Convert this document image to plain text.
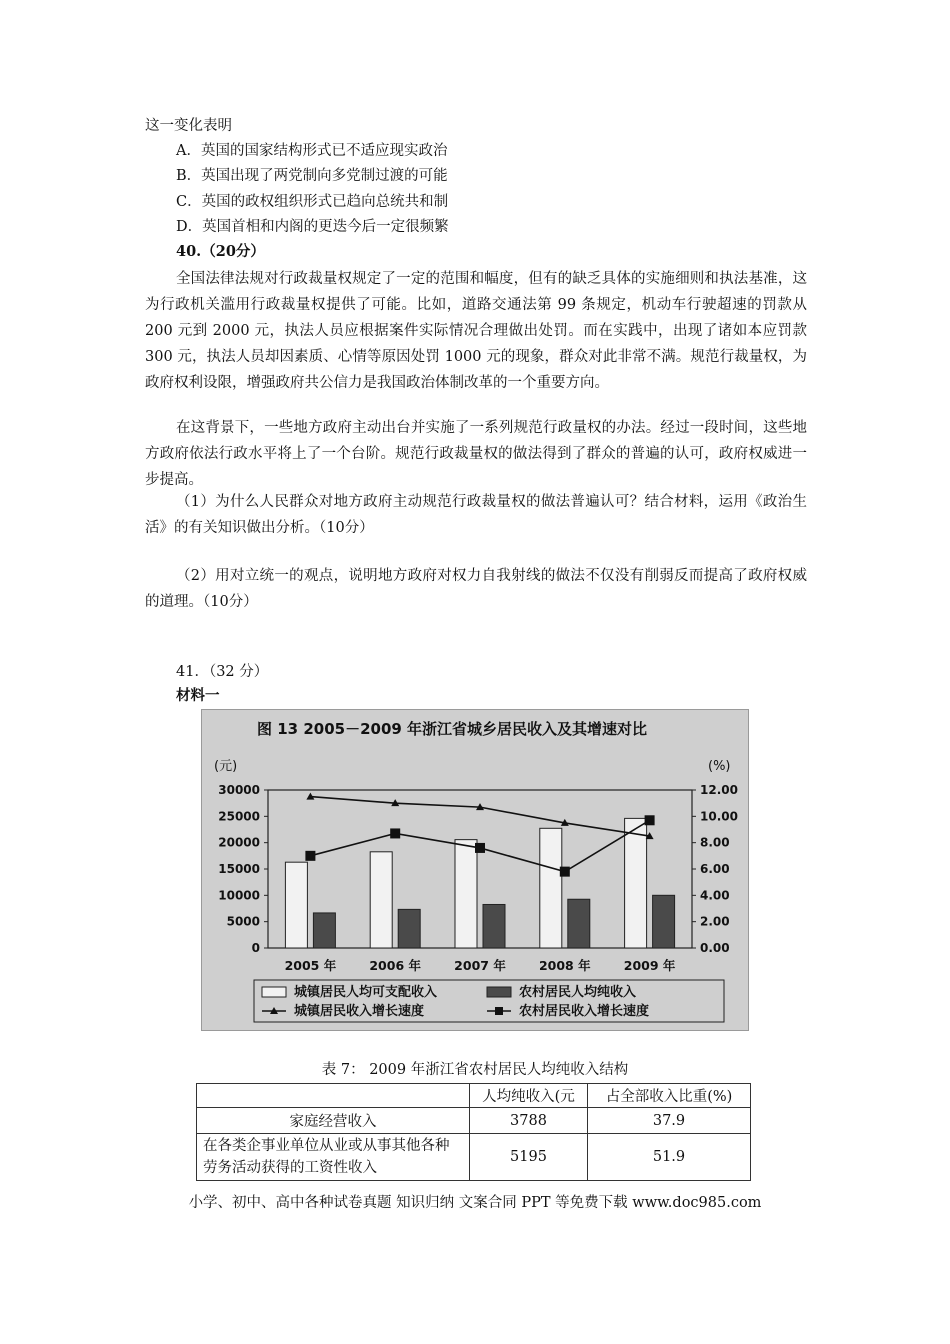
这一变化表明
A．英国的国家结构形式已不适应现实政治
B．英国出现了两党制向多党制过渡的可能
C．英国的政权组织形式已趋向总统共和制
D．英国首相和内阁的更迭今后一定很频繁
40.（20分）
全国法律法规对行政裁量权规定了一定的范围和幅度，但有的缺乏具体的实施细则和执法基准，这为行政机关滥用行政裁量权提供了可能。比如，道路交通法第 99 条规定，机动车行驶超速的罚款从 200 元到 2000 元，执法人员应根据案件实际情况合理做出处罚。而在实践中，出现了诸如本应罚款 300 元，执法人员却因素质、心情等原因处罚 1000 元的现象，群众对此非常不满。规范行裁量权，为政府权利设限，增强政府共公信力是我国政治体制改革的一个重要方向。
在这背景下，一些地方政府主动出台并实施了一系列规范行政量权的办法。经过一段时间，这些地方政府依法行政水平将上了一个台阶。规范行政裁量权的做法得到了群众的普遍的认可，政府权威进一步提高。
（1）为什么人民群众对地方政府主动规范行政裁量权的做法普遍认可？结合材料，运用《政治生活》的有关知识做出分析。（10分）
（2）用对立统一的观点，说明地方政府对权力自我射线的做法不仅没有削弱反而提高了政府权威的道理。（10分）
41．（32 分）
材料一
图 13 2005－2009 年浙江省城乡居民收入及其增速对比
(元)	(%)
30000
25000
20000
15000
10000
5000
0
12.00
10.00
8.00
6.00
4.00
2.00
0.00
2005 年	2006 年	2007 年	2008 年	2009 年
城镇居民人均可支配收入	农村居民人均纯收入
城镇居民收入增长速度	农村居民收入增长速度
表 7： 2009 年浙江省农村居民人均纯收入结构
	人均纯收入(元	占全部收入比重(%)
家庭经营收入	3788	37.9
在各类企事业单位从业或从事其他各种劳务活动获得的工资性收入	5195	51.9
小学、初中、高中各种试卷真题 知识归纳 文案合同 PPT 等免费下载 www.doc985.com
